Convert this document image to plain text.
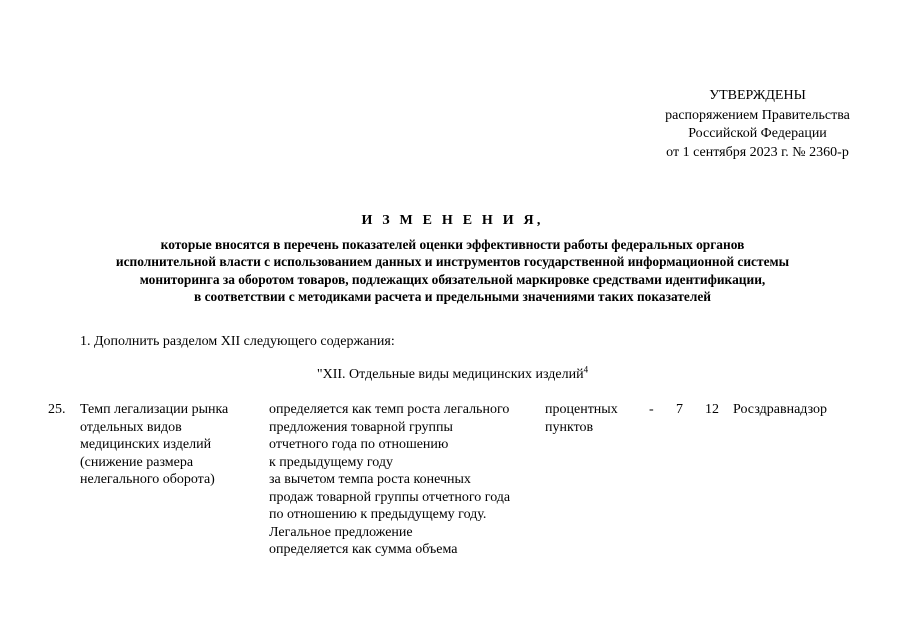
УТВЕРЖДЕНЫ
распоряжением Правительства
Российской Федерации
от 1 сентября 2023 г. № 2360-р
И З М Е Н Е Н И Я,
которые вносятся в перечень показателей оценки эффективности работы федеральных органов
исполнительной власти с использованием данных и инструментов государственной информационной системы
мониторинга за оборотом товаров, подлежащих обязательной маркировке средствами идентификации,
в соответствии с методиками расчета и предельными значениями таких показателей
1. Дополнить разделом XII следующего содержания:
"XII. Отдельные виды медицинских изделий$^4$
25. Темп легализации рынка
отдельных видов
медицинских изделий
(снижение размера
нелегального оборота)
определяется как темп роста легального
предложения товарной группы
отчетного года по отношению
к предыдущему году
за вычетом темпа роста конечных
продаж товарной группы отчетного года
по отношению к предыдущему году.
Легальное предложение
определяется как сумма объема
процентных
пунктов
- 7 12 Росздравнадзор
